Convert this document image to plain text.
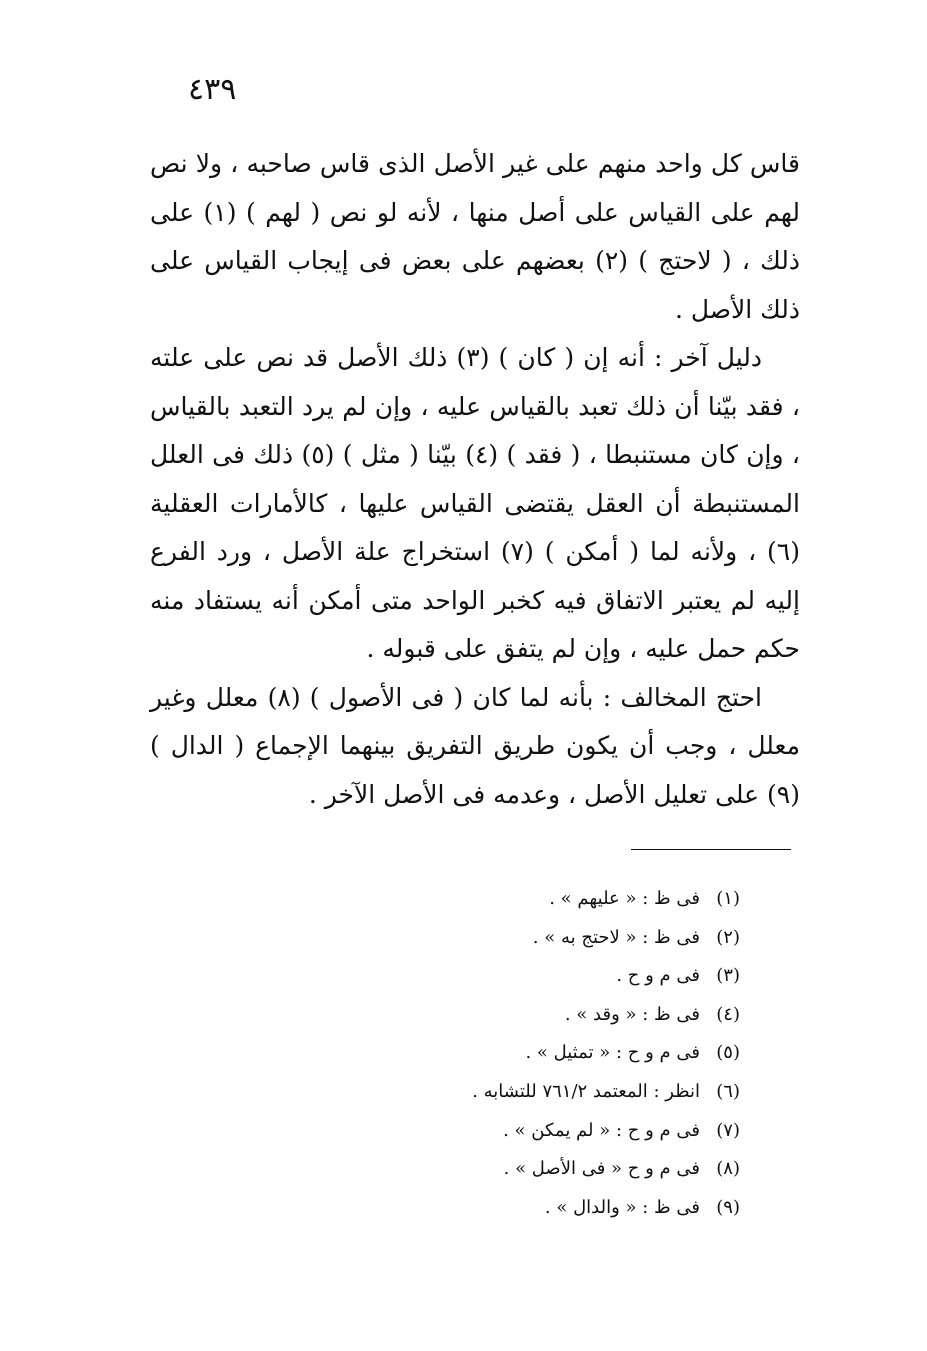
٤٣٩

قاس كل واحد منهم على غير الأصل الذى قاس صاحبه ، ولا نص لهم على القياس على أصل منها ، لأنه لو نص ( لهم ) (١) على ذلك ، ( لاحتج ) (٢) بعضهم على بعض فى إيجاب القياس على ذلك الأصل .

دليل آخر : أنه إن ( كان ) (٣) ذلك الأصل قد نص على علته ، فقد بيّنا أن ذلك تعبد بالقياس عليه ، وإن لم يرد التعبد بالقياس ، وإن كان مستنبطا ، ( فقد ) (٤) بيّنا ( مثل ) (٥) ذلك فى العلل المستنبطة أن العقل يقتضى القياس عليها ، كالأمارات العقلية (٦) ، ولأنه لما ( أمكن ) (٧) استخراج علة الأصل ، ورد الفرع إليه لم يعتبر الاتفاق فيه كخبر الواحد متى أمكن أنه يستفاد منه حكم حمل عليه ، وإن لم يتفق على قبوله .

احتج المخالف : بأنه لما كان ( فى الأصول ) (٨) معلل وغير معلل ، وجب أن يكون طريق التفريق بينهما الإجماع ( الدال ) (٩) على تعليل الأصل ، وعدمه فى الأصل الآخر .

(١)فى ظ : « عليهم » .
(٢)فى ظ : « لاحتج به » .
(٣)فى م و ح .
(٤)فى ظ : « وقد » .
(٥)فى م و ح : « تمثيل » .
(٦)انظر : المعتمد ٧٦١/٢ للتشابه .
(٧)فى م و ح : « لم يمكن » .
(٨)فى م و ح « فى الأصل » .
(٩)فى ظ : « والدال » .
